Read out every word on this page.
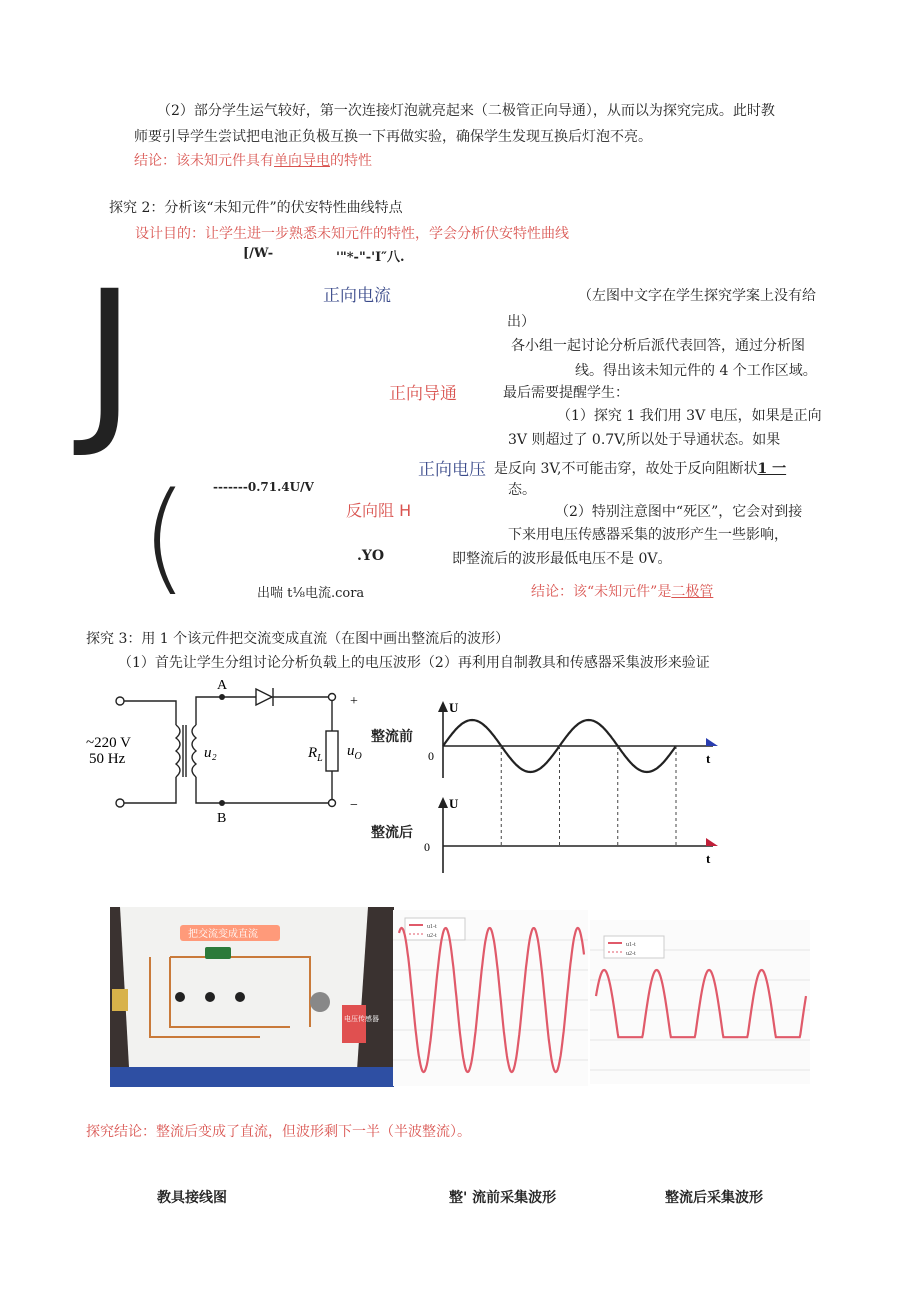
（2）部分学生运气较好，第一次连接灯泡就亮起来（二极管正向导通），从而以为探究完成。此时教
师要引导学生尝试把电池正负极互换一下再做实验，确保学生发现互换后灯泡不亮。
结论：该未知元件具有单向导电的特性
探究 2：分析该“未知元件”的伏安特性曲线特点
设计目的：让学生进一步熟悉未知元件的特性，学会分析伏安特性曲线
[/W-	'"*-"-'I″八.
J
(
正向电流
正向导通
正向电压
-------0.71.4U/V
反向阻 H
.YO
出喘 t⅛电流.cora
（左图中文字在学生探究学案上没有给
出）
各小组一起讨论分析后派代表回答，通过分析图
线。得出该未知元件的 4 个工作区域。
最后需要提醒学生：
（1）探究 1 我们用 3V 电压，如果是正向
3V 则超过了 0.7V,所以处于导通状态。如果
是反向 3V,不可能击穿，故处于反向阻断状1 一
态。
（2）特别注意图中“死区”，它会对到接
下来用电压传感器采集的波形产生一些影响，
即整流后的波形最低电压不是 0V。
结论：该“未知元件”是二极管
探究 3：用 1 个该元件把交流变成直流（在图中画出整流后的波形）
（1）首先让学生分组讨论分析负载上的电压波形（2）再利用自制教具和传感器采集波形来验证
~220 V
50 Hz	u₂
A
B
$R_L$ $u_O$
+
−
整流前
整流后
U
U
t
t
0
0
把交流变成直流
电压传感器
u1-t
u2-t
u1-t
u2-t
探究结论：整流后变成了直流，但波形剩下一半（半波整流）。
教具接线图	整' 流前采集波形	整流后采集波形
